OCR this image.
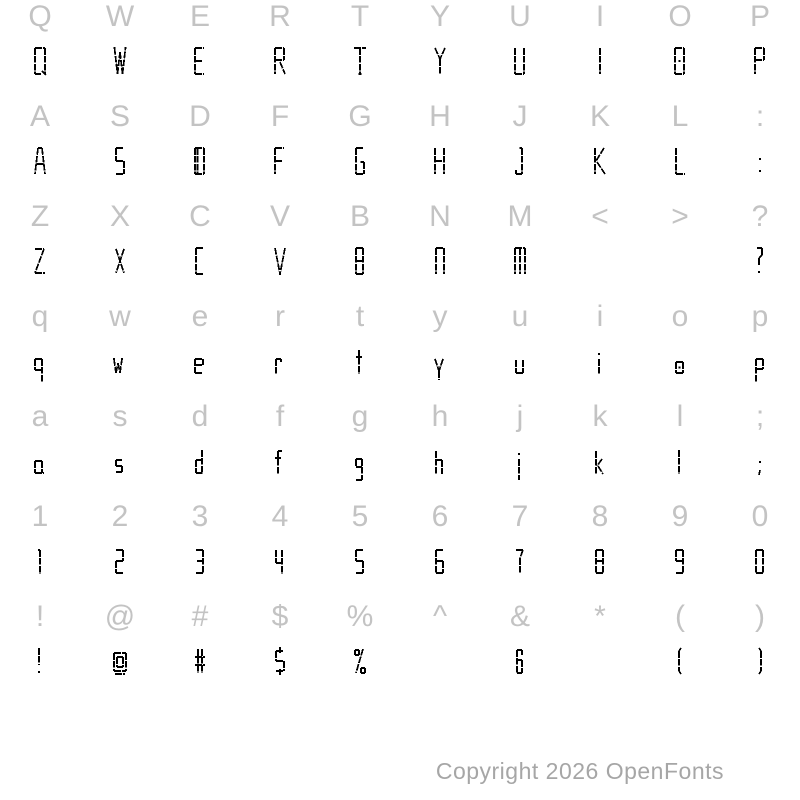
Q W E R T Y U I O P
A S D F G H J K L :
Z X C V B N M < > ?
q w e r t y u i o p
a s d f g h j k l ;
1 2 3 4 5 6 7 8 9 0
! @ # $ % ^ & * ( )
Copyright 2026 OpenFonts
